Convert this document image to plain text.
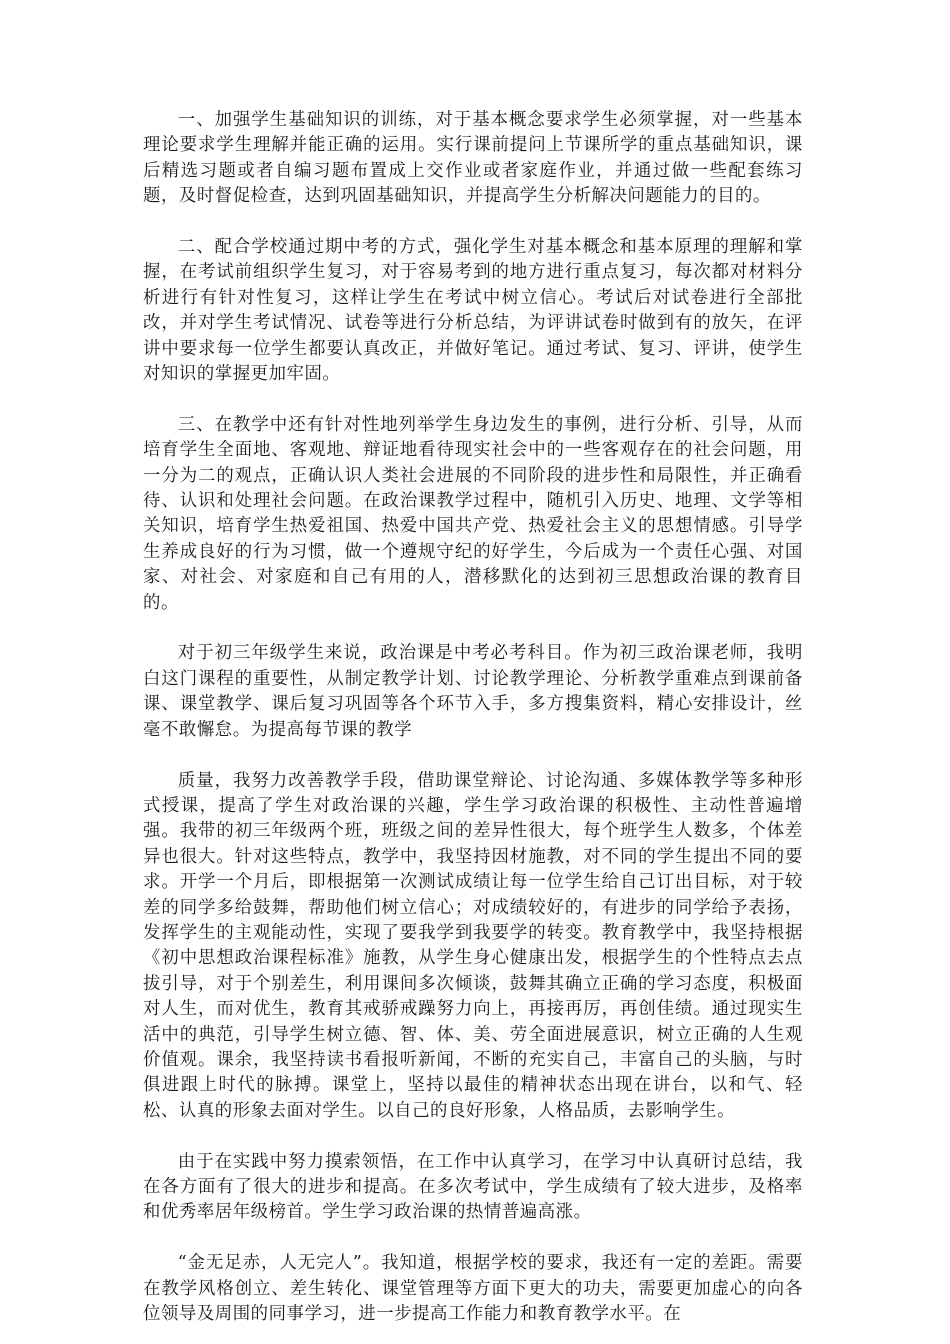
一、加强学生基础知识的训练，对于基本概念要求学生必须掌握，对一些基本理论要求学生理解并能正确的运用。实行课前提问上节课所学的重点基础知识，课后精选习题或者自编习题布置成上交作业或者家庭作业，并通过做一些配套练习题，及时督促检查，达到巩固基础知识，并提高学生分析解决问题能力的目的。

二、配合学校通过期中考的方式，强化学生对基本概念和基本原理的理解和掌握，在考试前组织学生复习，对于容易考到的地方进行重点复习，每次都对材料分析进行有针对性复习，这样让学生在考试中树立信心。考试后对试卷进行全部批改，并对学生考试情况、试卷等进行分析总结，为评讲试卷时做到有的放矢，在评讲中要求每一位学生都要认真改正，并做好笔记。通过考试、复习、评讲，使学生对知识的掌握更加牢固。

三、在教学中还有针对性地列举学生身边发生的事例，进行分析、引导，从而培育学生全面地、客观地、辩证地看待现实社会中的一些客观存在的社会问题，用一分为二的观点，正确认识人类社会进展的不同阶段的进步性和局限性，并正确看待、认识和处理社会问题。在政治课教学过程中，随机引入历史、地理、文学等相关知识，培育学生热爱祖国、热爱中国共产党、热爱社会主义的思想情感。引导学生养成良好的行为习惯，做一个遵规守纪的好学生，今后成为一个责任心强、对国家、对社会、对家庭和自己有用的人，潜移默化的达到初三思想政治课的教育目的。

对于初三年级学生来说，政治课是中考必考科目。作为初三政治课老师，我明白这门课程的重要性，从制定教学计划、讨论教学理论、分析教学重难点到课前备课、课堂教学、课后复习巩固等各个环节入手，多方搜集资料，精心安排设计，丝毫不敢懈怠。为提高每节课的教学

质量，我努力改善教学手段，借助课堂辩论、讨论沟通、多媒体教学等多种形式授课，提高了学生对政治课的兴趣，学生学习政治课的积极性、主动性普遍增强。我带的初三年级两个班，班级之间的差异性很大，每个班学生人数多，个体差异也很大。针对这些特点，教学中，我坚持因材施教，对不同的学生提出不同的要求。开学一个月后，即根据第一次测试成绩让每一位学生给自己订出目标，对于较差的同学多给鼓舞，帮助他们树立信心；对成绩较好的，有进步的同学给予表扬，发挥学生的主观能动性，实现了要我学到我要学的转变。教育教学中，我坚持根据《初中思想政治课程标准》施教，从学生身心健康出发，根据学生的个性特点去点拔引导，对于个别差生，利用课间多次倾谈，鼓舞其确立正确的学习态度，积极面对人生，而对优生，教育其戒骄戒躁努力向上，再接再厉，再创佳绩。通过现实生活中的典范，引导学生树立德、智、体、美、劳全面进展意识，树立正确的人生观价值观。课余，我坚持读书看报听新闻，不断的充实自己，丰富自己的头脑，与时俱进跟上时代的脉搏。课堂上，坚持以最佳的精神状态出现在讲台，以和气、轻松、认真的形象去面对学生。以自己的良好形象，人格品质，去影响学生。

由于在实践中努力摸索领悟，在工作中认真学习，在学习中认真研讨总结，我在各方面有了很大的进步和提高。在多次考试中，学生成绩有了较大进步，及格率和优秀率居年级榜首。学生学习政治课的热情普遍高涨。

“金无足赤，人无完人”。我知道，根据学校的要求，我还有一定的差距。需要在教学风格创立、差生转化、课堂管理等方面下更大的功夫，需要更加虚心的向各位领导及周围的同事学习，进一步提高工作能力和教育教学水平。在
